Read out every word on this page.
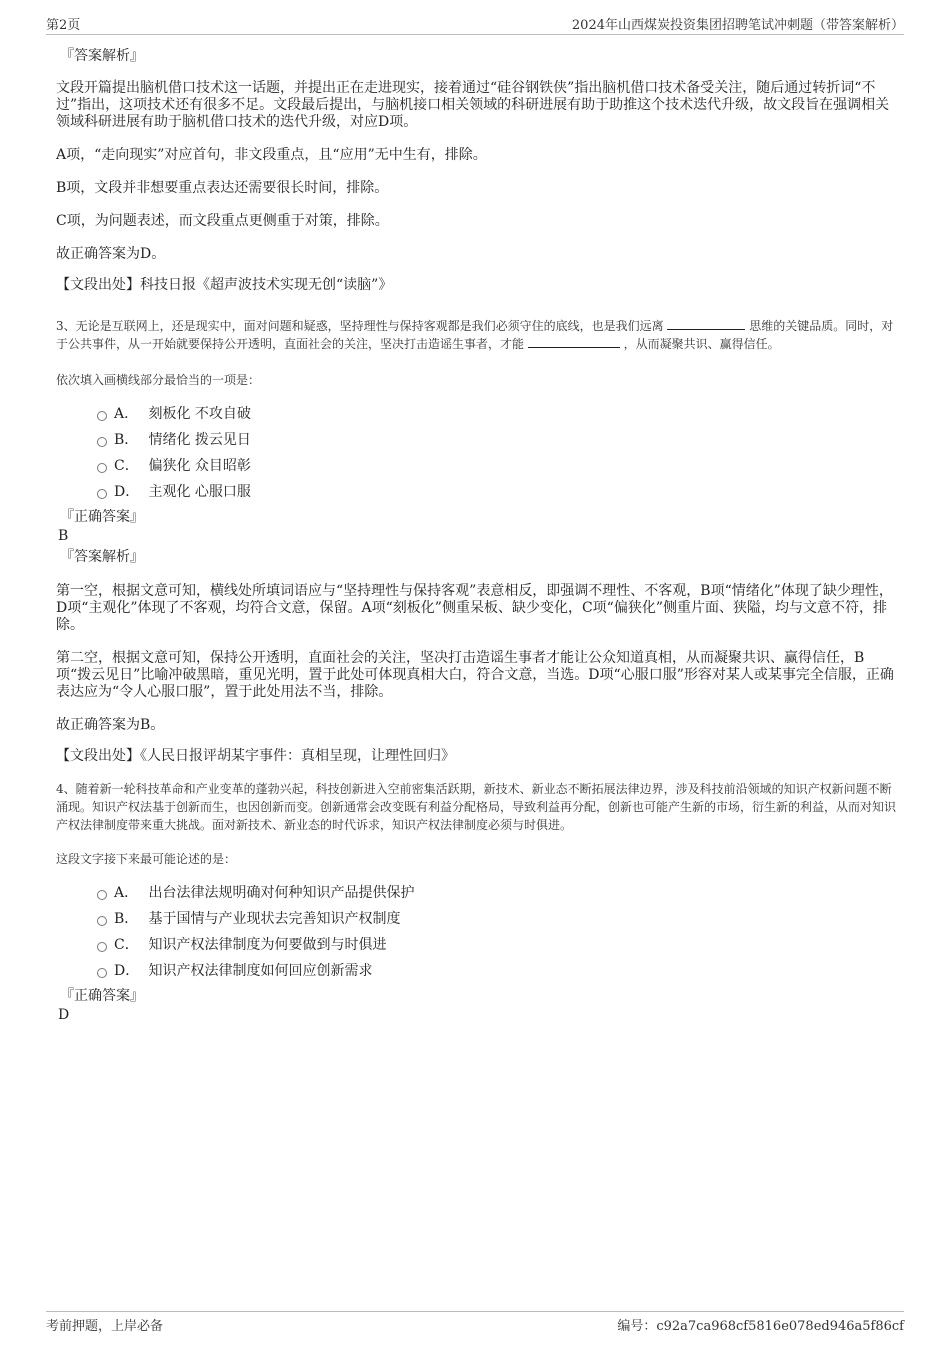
第2页	2024年山西煤炭投资集团招聘笔试冲刺题（带答案解析）
『答案解析』

文段开篇提出脑机借口技术这一话题，并提出正在走进现实，接着通过“硅谷钢铁侠”指出脑机借口技术备受关注，随后通过转折词“不过”指出，这项技术还有很多不足。文段最后提出，与脑机接口相关领域的科研进展有助于助推这个技术迭代升级，故文段旨在强调相关领域科研进展有助于脑机借口技术的迭代升级，对应D项。

A项，“走向现实”对应首句，非文段重点，且“应用”无中生有，排除。

B项，文段并非想要重点表达还需要很长时间，排除。

C项，为问题表述，而文段重点更侧重于对策，排除。

故正确答案为D。

【文段出处】科技日报《超声波技术实现无创“读脑”》

3、无论是互联网上，还是现实中，面对问题和疑惑，坚持理性与保持客观都是我们必须守住的底线，也是我们远离	思维的关键品质。同时，对于公共事件，从一开始就要保持公开透明，直面社会的关注，坚决打击造谣生事者，才能	，从而凝聚共识、赢得信任。

依次填入画横线部分最恰当的一项是：

A． 刻板化 不攻自破
B． 情绪化 拨云见日
C． 偏狭化 众目昭彰
D． 主观化 心服口服
『正确答案』
B
『答案解析』

第一空，根据文意可知，横线处所填词语应与“坚持理性与保持客观”表意相反，即强调不理性、不客观，B项“情绪化”体现了缺少理性，D项“主观化”体现了不客观，均符合文意，保留。A项“刻板化”侧重呆板、缺少变化，C项“偏狭化”侧重片面、狭隘，均与文意不符，排除。

第二空，根据文意可知，保持公开透明，直面社会的关注，坚决打击造谣生事者才能让公众知道真相，从而凝聚共识、赢得信任，B项“拨云见日”比喻冲破黑暗，重见光明，置于此处可体现真相大白，符合文意，当选。D项“心服口服”形容对某人或某事完全信服，正确表达应为“令人心服口服”，置于此处用法不当，排除。

故正确答案为B。

【文段出处】《人民日报评胡某宇事件：真相呈现，让理性回归》

4、随着新一轮科技革命和产业变革的蓬勃兴起，科技创新进入空前密集活跃期，新技术、新业态不断拓展法律边界，涉及科技前沿领域的知识产权新问题不断涌现。知识产权法基于创新而生，也因创新而变。创新通常会改变既有利益分配格局，导致利益再分配，创新也可能产生新的市场，衍生新的利益，从而对知识产权法律制度带来重大挑战。面对新技术、新业态的时代诉求，知识产权法律制度必须与时俱进。

这段文字接下来最可能论述的是：

A． 出台法律法规明确对何种知识产品提供保护
B． 基于国情与产业现状去完善知识产权制度
C． 知识产权法律制度为何要做到与时俱进
D． 知识产权法律制度如何回应创新需求
『正确答案』
D
考前押题，上岸必备	编号：c92a7ca968cf5816e078ed946a5f86cf
